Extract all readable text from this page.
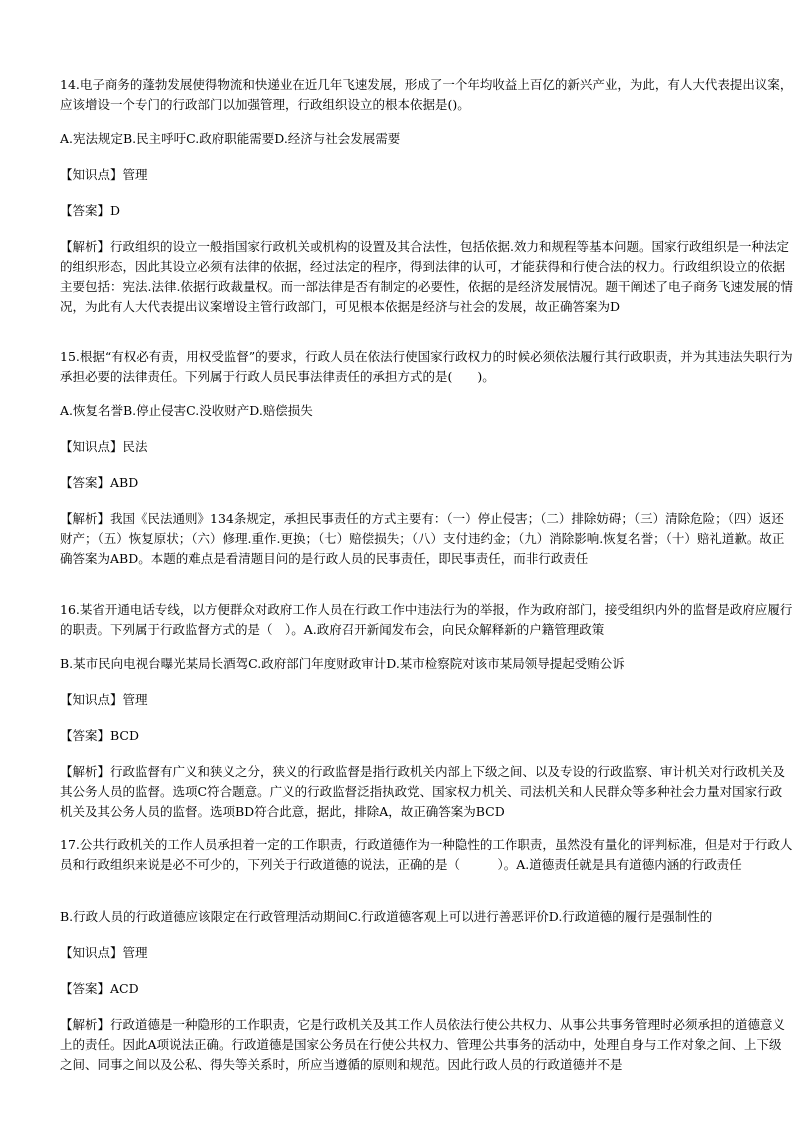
14.电子商务的蓬勃发展使得物流和快递业在近几年飞速发展，形成了一个年均收益上百亿的新兴产业，为此，有人大代表提出议案，应该增设一个专门的行政部门以加强管理，行政组织设立的根本依据是()。
A.宪法规定B.民主呼吁C.政府职能需要D.经济与社会发展需要
【知识点】管理
【答案】D
【解析】行政组织的设立一般指国家行政机关或机构的设置及其合法性，包括依据.效力和规程等基本问题。国家行政组织是一种法定的组织形态，因此其设立必须有法律的依据，经过法定的程序，得到法律的认可，才能获得和行使合法的权力。行政组织设立的依据主要包括：宪法.法律.依据行政裁量权。而一部法律是否有制定的必要性，依据的是经济发展情况。题干阐述了电子商务飞速发展的情况，为此有人大代表提出议案增设主管行政部门，可见根本依据是经济与社会的发展，故正确答案为D
15.根据“有权必有责，用权受监督”的要求，行政人员在依法行使国家行政权力的时候必须依法履行其行政职责，并为其违法失职行为承担必要的法律责任。下列属于行政人员民事法律责任的承担方式的是(　　)。
A.恢复名誉B.停止侵害C.没收财产D.赔偿损失
【知识点】民法
【答案】ABD
【解析】我国《民法通则》134条规定，承担民事责任的方式主要有：（一）停止侵害；（二）排除妨碍；（三）清除危险；（四）返还财产；（五）恢复原状；（六）修理.重作.更换；（七）赔偿损失；（八）支付违约金；（九）消除影响.恢复名誉；（十）赔礼道歉。故正确答案为ABD。本题的难点是看清题目问的是行政人员的民事责任，即民事责任，而非行政责任
16.某省开通电话专线，以方便群众对政府工作人员在行政工作中违法行为的举报，作为政府部门，接受组织内外的监督是政府应履行的职责。下列属于行政监督方式的是（　）。A.政府召开新闻发布会，向民众解释新的户籍管理政策
B.某市民向电视台曝光某局长酒驾C.政府部门年度财政审计D.某市检察院对该市某局领导提起受贿公诉
【知识点】管理
【答案】BCD
【解析】行政监督有广义和狭义之分，狭义的行政监督是指行政机关内部上下级之间、以及专设的行政监察、审计机关对行政机关及其公务人员的监督。选项C符合题意。广义的行政监督泛指执政党、国家权力机关、司法机关和人民群众等多种社会力量对国家行政机关及其公务人员的监督。选项BD符合此意，据此，排除A，故正确答案为BCD
17.公共行政机关的工作人员承担着一定的工作职责，行政道德作为一种隐性的工作职责，虽然没有量化的评判标准，但是对于行政人员和行政组织来说是必不可少的，下列关于行政道德的说法，正确的是（　　　）。A.道德责任就是具有道德内涵的行政责任
B.行政人员的行政道德应该限定在行政管理活动期间C.行政道德客观上可以进行善恶评价D.行政道德的履行是强制性的
【知识点】管理
【答案】ACD
【解析】行政道德是一种隐形的工作职责，它是行政机关及其工作人员依法行使公共权力、从事公共事务管理时必须承担的道德意义上的责任。因此A项说法正确。行政道德是国家公务员在行使公共权力、管理公共事务的活动中，处理自身与工作对象之间、上下级之间、同事之间以及公私、得失等关系时，所应当遵循的原则和规范。因此行政人员的行政道德并不是
